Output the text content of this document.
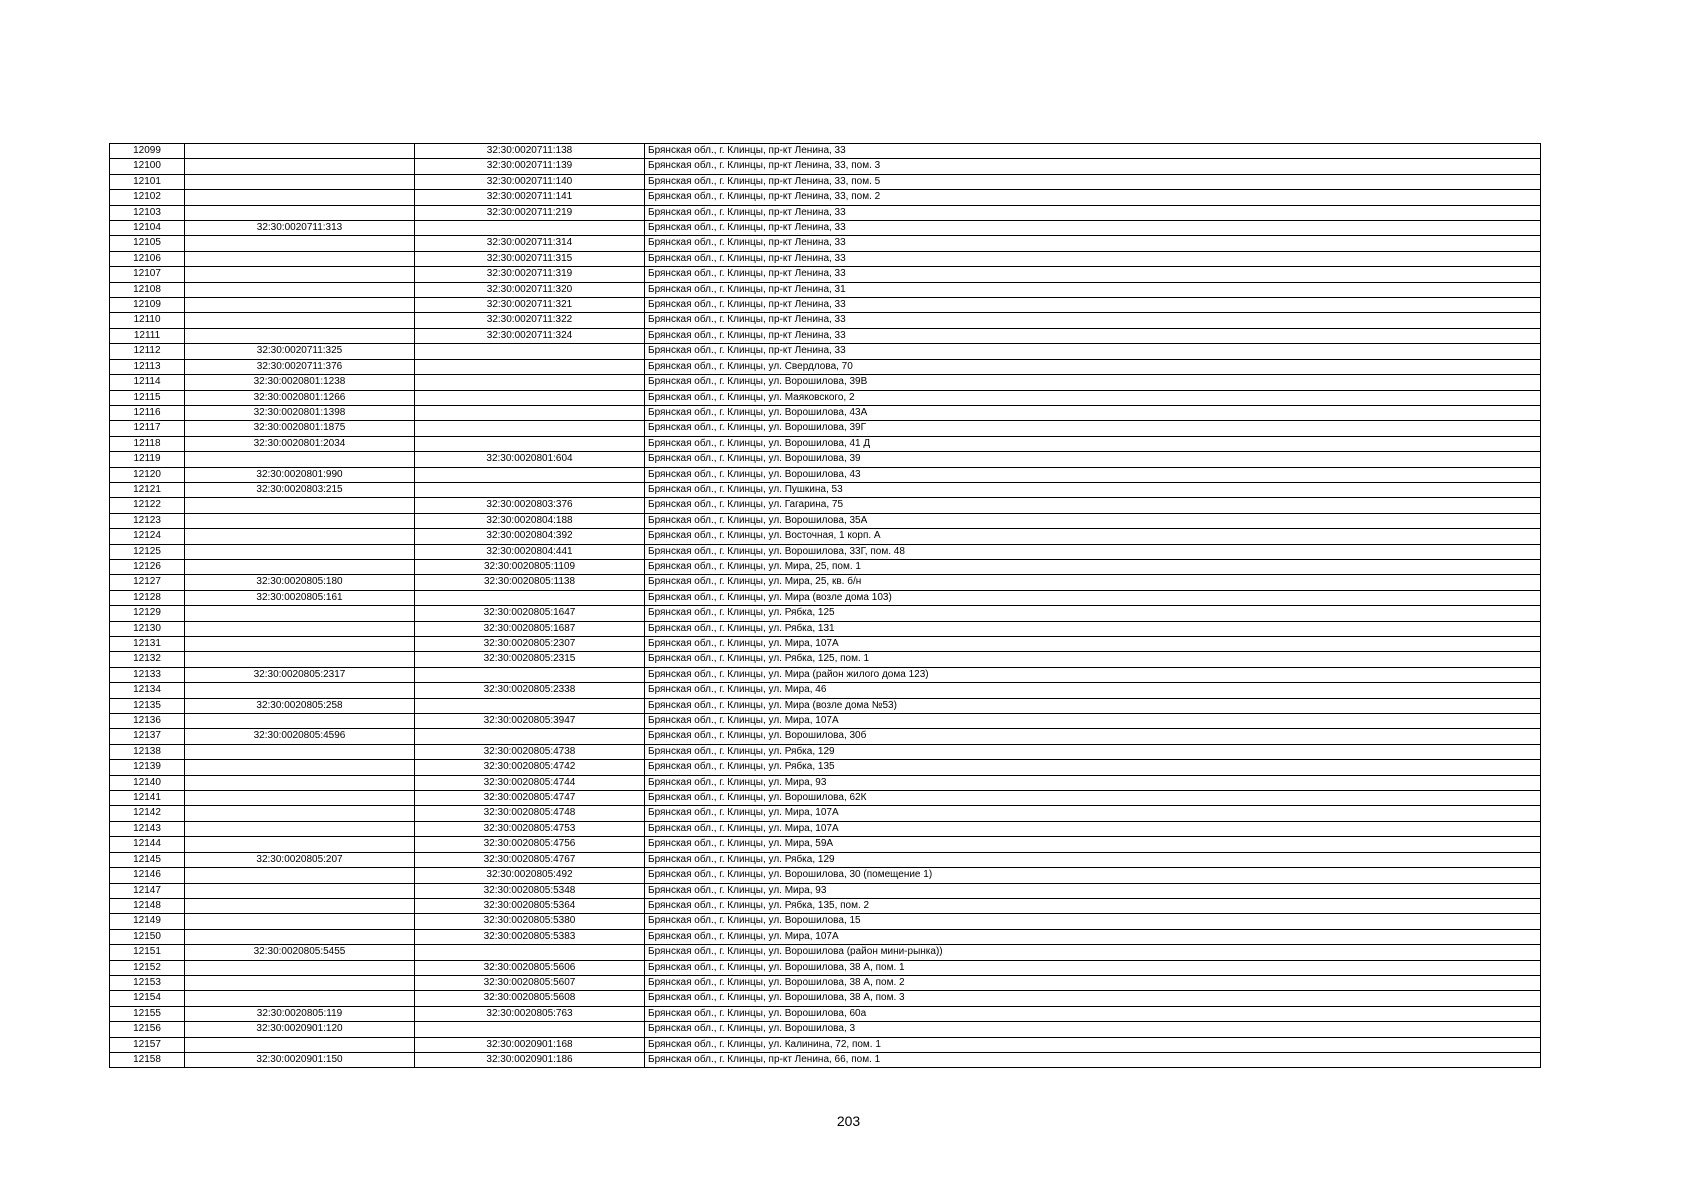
12099		32:30:0020711:138	Брянская обл., г. Клинцы, пр-кт Ленина, 33
12100		32:30:0020711:139	Брянская обл., г. Клинцы, пр-кт Ленина, 33, пом. 3
12101		32:30:0020711:140	Брянская обл., г. Клинцы, пр-кт Ленина, 33, пом. 5
12102		32:30:0020711:141	Брянская обл., г. Клинцы, пр-кт Ленина, 33, пом. 2
12103		32:30:0020711:219	Брянская обл., г. Клинцы, пр-кт Ленина, 33
12104	32:30:0020711:313		Брянская обл., г. Клинцы, пр-кт Ленина, 33
12105		32:30:0020711:314	Брянская обл., г. Клинцы, пр-кт Ленина, 33
12106		32:30:0020711:315	Брянская обл., г. Клинцы, пр-кт Ленина, 33
12107		32:30:0020711:319	Брянская обл., г. Клинцы, пр-кт Ленина, 33
12108		32:30:0020711:320	Брянская обл., г. Клинцы, пр-кт Ленина, 31
12109		32:30:0020711:321	Брянская обл., г. Клинцы, пр-кт Ленина, 33
12110		32:30:0020711:322	Брянская обл., г. Клинцы, пр-кт Ленина, 33
12111		32:30:0020711:324	Брянская обл., г. Клинцы, пр-кт Ленина, 33
12112	32:30:0020711:325		Брянская обл., г. Клинцы, пр-кт Ленина, 33
12113	32:30:0020711:376		Брянская обл., г. Клинцы, ул. Свердлова, 70
12114	32:30:0020801:1238		Брянская обл., г. Клинцы, ул. Ворошилова, 39В
12115	32:30:0020801:1266		Брянская обл., г. Клинцы, ул. Маяковского, 2
12116	32:30:0020801:1398		Брянская обл., г. Клинцы, ул. Ворошилова, 43А
12117	32:30:0020801:1875		Брянская обл., г. Клинцы, ул. Ворошилова, 39Г
12118	32:30:0020801:2034		Брянская обл., г. Клинцы, ул. Ворошилова, 41 Д
12119		32:30:0020801:604	Брянская обл., г. Клинцы, ул. Ворошилова, 39
12120	32:30:0020801:990		Брянская обл., г. Клинцы, ул. Ворошилова, 43
12121	32:30:0020803:215		Брянская обл., г. Клинцы, ул. Пушкина, 53
12122		32:30:0020803:376	Брянская обл., г. Клинцы, ул. Гагарина, 75
12123		32:30:0020804:188	Брянская обл., г. Клинцы, ул. Ворошилова, 35А
12124		32:30:0020804:392	Брянская обл., г. Клинцы, ул. Восточная, 1 корп. А
12125		32:30:0020804:441	Брянская обл., г. Клинцы, ул. Ворошилова, 33Г, пом. 48
12126		32:30:0020805:1109	Брянская обл., г. Клинцы, ул. Мира, 25, пом. 1
12127	32:30:0020805:180	32:30:0020805:1138	Брянская обл., г. Клинцы, ул. Мира, 25, кв. б/н
12128	32:30:0020805:161		Брянская обл., г. Клинцы, ул. Мира (возле дома 103)
12129		32:30:0020805:1647	Брянская обл., г. Клинцы, ул. Рябка, 125
12130		32:30:0020805:1687	Брянская обл., г. Клинцы, ул. Рябка, 131
12131		32:30:0020805:2307	Брянская обл., г. Клинцы, ул. Мира, 107А
12132		32:30:0020805:2315	Брянская обл., г. Клинцы, ул. Рябка, 125, пом. 1
12133	32:30:0020805:2317		Брянская обл., г. Клинцы, ул. Мира (район жилого дома 123)
12134		32:30:0020805:2338	Брянская обл., г. Клинцы, ул. Мира, 46
12135	32:30:0020805:258		Брянская обл., г. Клинцы, ул. Мира (возле дома №53)
12136		32:30:0020805:3947	Брянская обл., г. Клинцы, ул. Мира, 107А
12137	32:30:0020805:4596		Брянская обл., г. Клинцы, ул. Ворошилова, 30б
12138		32:30:0020805:4738	Брянская обл., г. Клинцы, ул. Рябка, 129
12139		32:30:0020805:4742	Брянская обл., г. Клинцы, ул. Рябка, 135
12140		32:30:0020805:4744	Брянская обл., г. Клинцы, ул. Мира, 93
12141		32:30:0020805:4747	Брянская обл., г. Клинцы, ул. Ворошилова, 62К
12142		32:30:0020805:4748	Брянская обл., г. Клинцы, ул. Мира, 107А
12143		32:30:0020805:4753	Брянская обл., г. Клинцы, ул. Мира, 107А
12144		32:30:0020805:4756	Брянская обл., г. Клинцы, ул. Мира, 59А
12145	32:30:0020805:207	32:30:0020805:4767	Брянская обл., г. Клинцы, ул. Рябка, 129
12146		32:30:0020805:492	Брянская обл., г. Клинцы, ул. Ворошилова, 30 (помещение 1)
12147		32:30:0020805:5348	Брянская обл., г. Клинцы, ул. Мира, 93
12148		32:30:0020805:5364	Брянская обл., г. Клинцы, ул. Рябка, 135, пом. 2
12149		32:30:0020805:5380	Брянская обл., г. Клинцы, ул. Ворошилова, 15
12150		32:30:0020805:5383	Брянская обл., г. Клинцы, ул. Мира, 107А
12151	32:30:0020805:5455		Брянская обл., г. Клинцы, ул. Ворошилова (район мини-рынка))
12152		32:30:0020805:5606	Брянская обл., г. Клинцы, ул. Ворошилова, 38 А, пом. 1
12153		32:30:0020805:5607	Брянская обл., г. Клинцы, ул. Ворошилова, 38 А, пом. 2
12154		32:30:0020805:5608	Брянская обл., г. Клинцы, ул. Ворошилова, 38 А, пом. 3
12155	32:30:0020805:119	32:30:0020805:763	Брянская обл., г. Клинцы, ул. Ворошилова, 60а
12156	32:30:0020901:120		Брянская обл., г. Клинцы, ул. Ворошилова, 3
12157		32:30:0020901:168	Брянская обл., г. Клинцы, ул. Калинина, 72, пом. 1
12158	32:30:0020901:150	32:30:0020901:186	Брянская обл., г. Клинцы, пр-кт Ленина, 66, пом. 1
203
